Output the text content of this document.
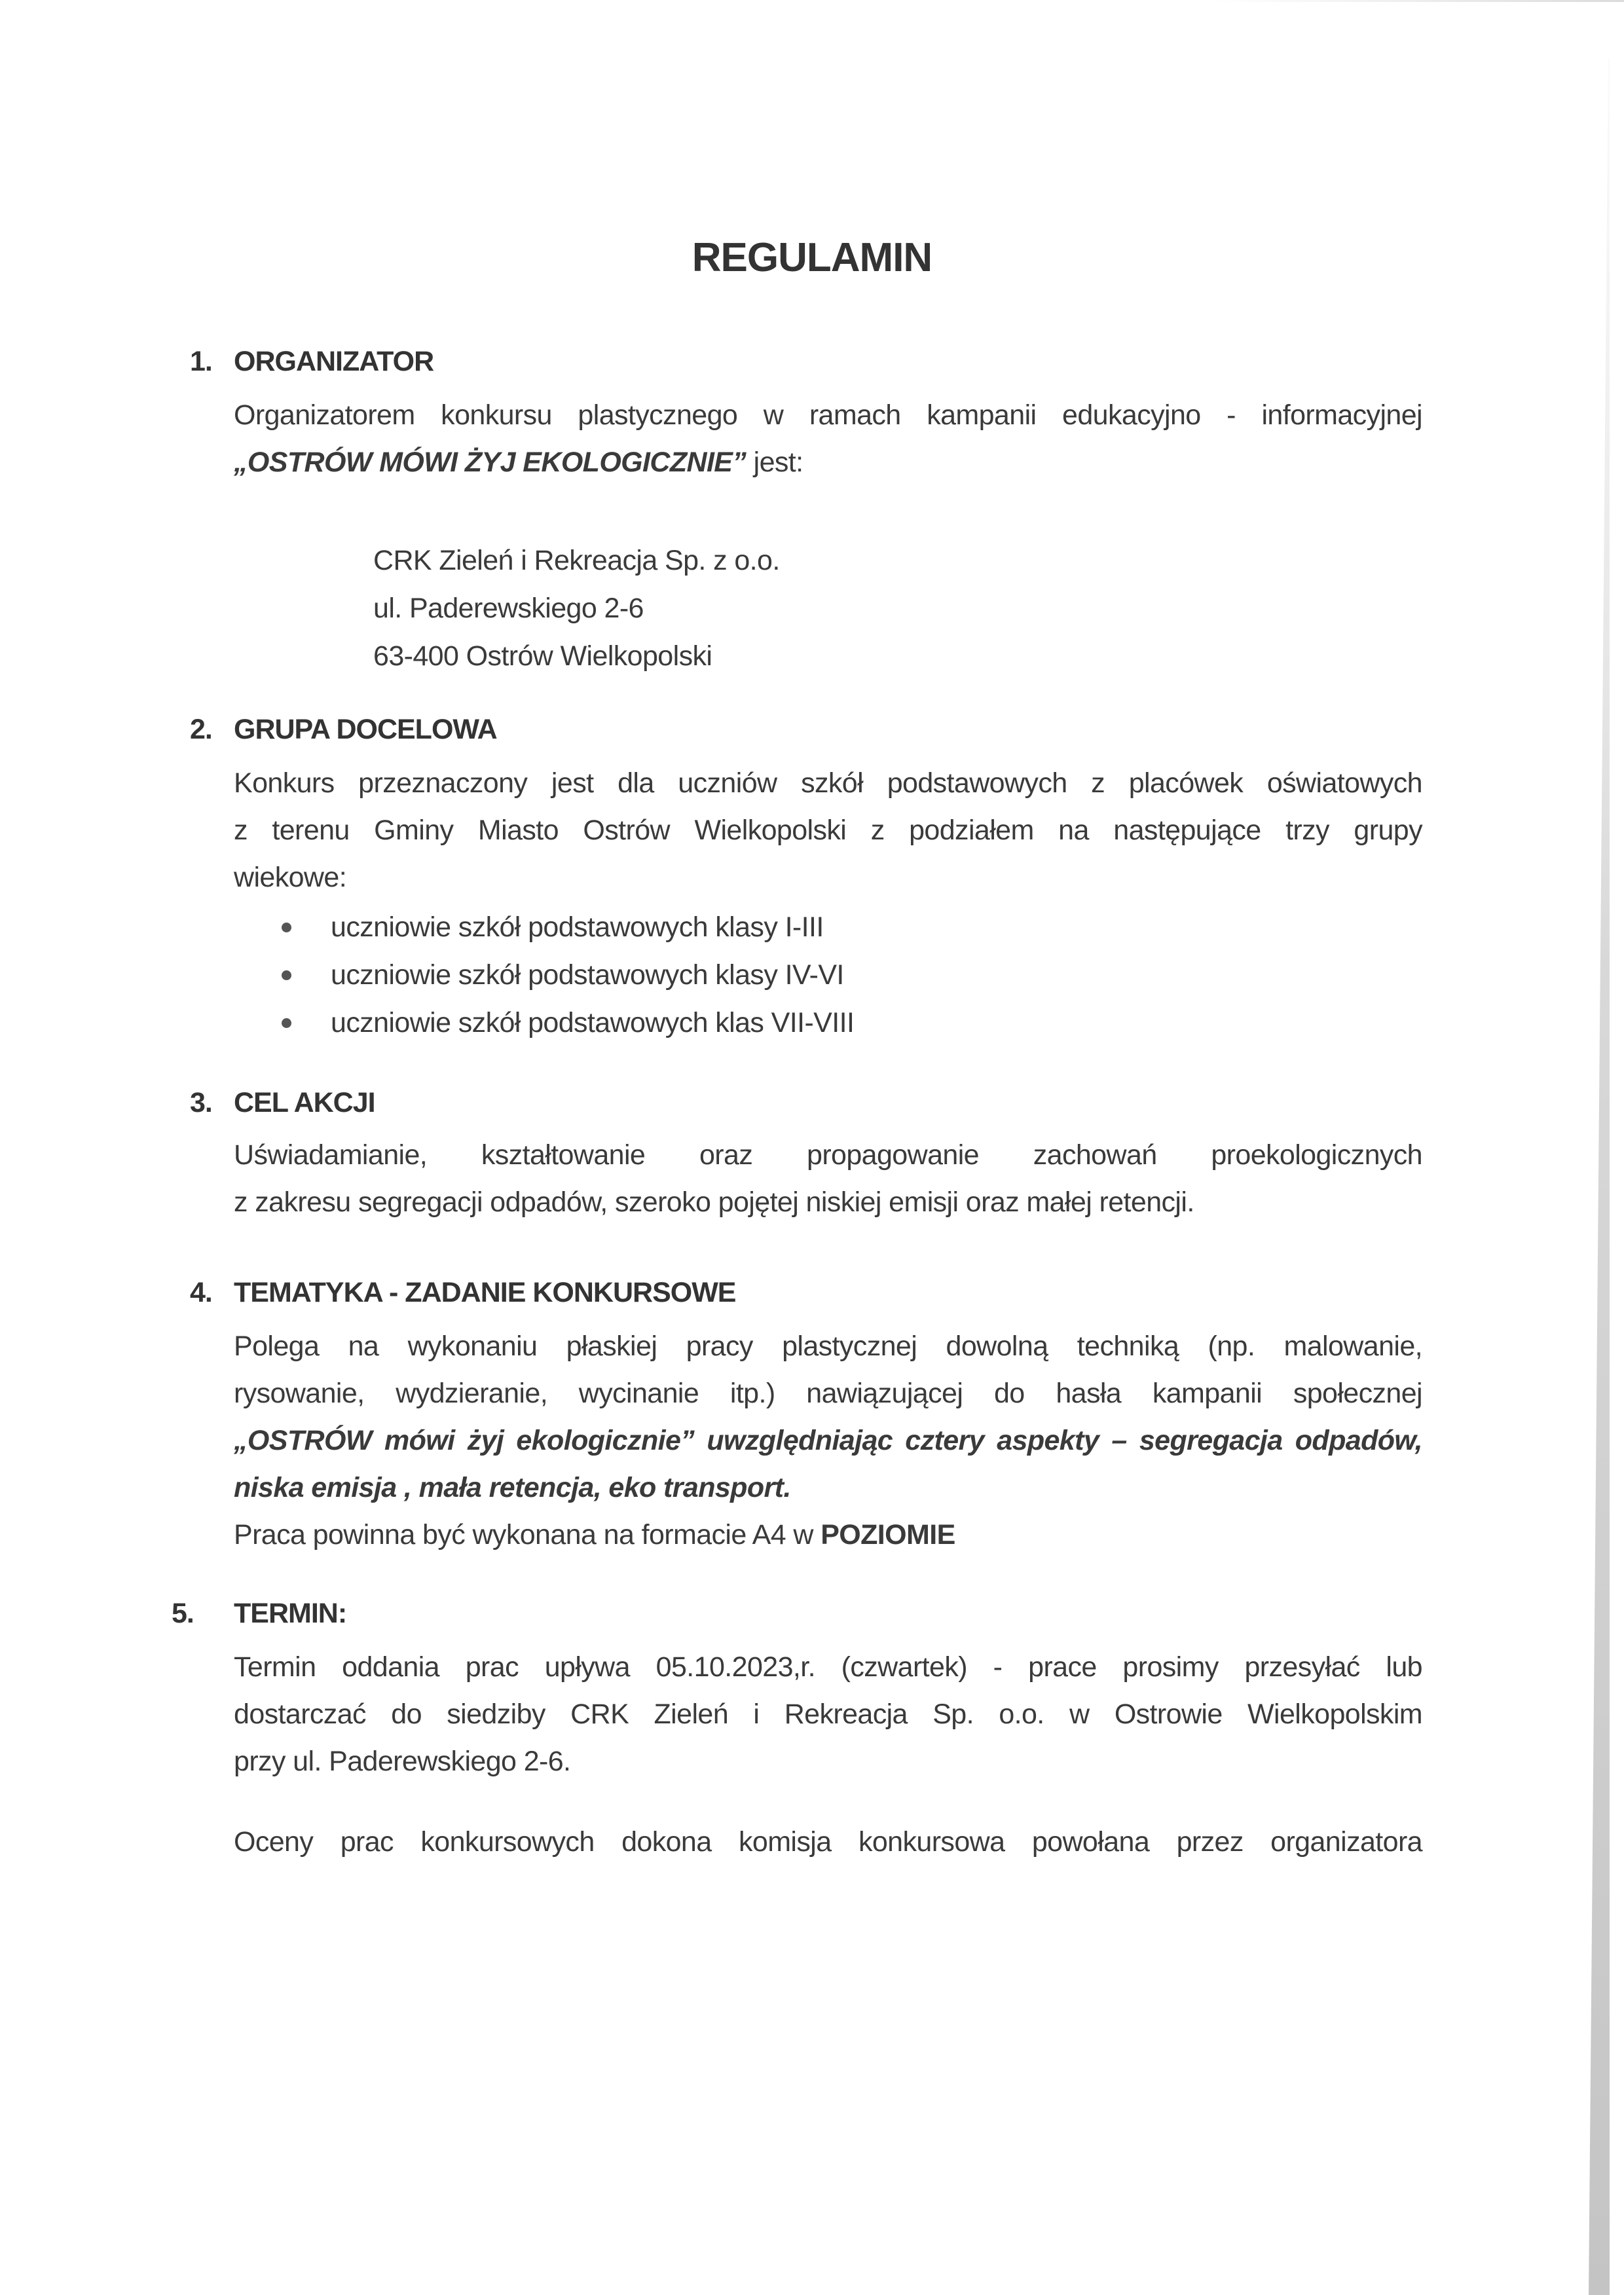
REGULAMIN
1. ORGANIZATOR
Organizatorem konkursu plastycznego w ramach kampanii edukacyjno - informacyjnej
„OSTRÓW MÓWI ŻYJ EKOLOGICZNIE” jest:
CRK Zieleń i Rekreacja Sp. z o.o.
ul. Paderewskiego 2-6
63-400 Ostrów Wielkopolski
2. GRUPA DOCELOWA
Konkurs przeznaczony jest dla uczniów szkół podstawowych z placówek oświatowych
z terenu Gminy Miasto Ostrów Wielkopolski z podziałem na następujące trzy grupy
wiekowe:
uczniowie szkół podstawowych klasy I-III
uczniowie szkół podstawowych klasy IV-VI
uczniowie szkół podstawowych klas VII-VIII
3. CEL AKCJI
Uświadamianie, kształtowanie oraz propagowanie zachowań proekologicznych
z zakresu segregacji odpadów, szeroko pojętej niskiej emisji oraz małej retencji.
4. TEMATYKA - ZADANIE KONKURSOWE
Polega na wykonaniu płaskiej pracy plastycznej dowolną techniką (np. malowanie,
rysowanie, wydzieranie, wycinanie itp.) nawiązującej do hasła kampanii społecznej
„OSTRÓW mówi żyj ekologicznie” uwzględniając cztery aspekty – segregacja odpadów,
niska emisja , mała retencja, eko transport.
Praca powinna być wykonana na formacie A4 w POZIOMIE
5. TERMIN:
Termin oddania prac upływa 05.10.2023,r. (czwartek) - prace prosimy przesyłać lub
dostarczać do siedziby CRK Zieleń i Rekreacja Sp. o.o. w Ostrowie Wielkopolskim
przy ul. Paderewskiego 2-6.
Oceny prac konkursowych dokona komisja konkursowa powołana przez organizatora
